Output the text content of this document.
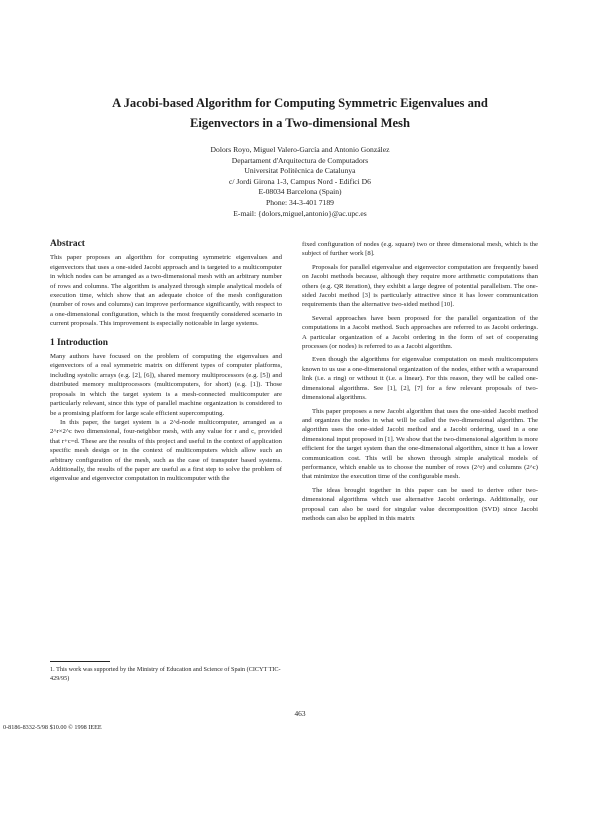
A Jacobi-based Algorithm for Computing Symmetric Eigenvalues and
Eigenvectors in a Two-dimensional Mesh
Dolors Royo, Miguel Valero-García and Antonio González
Departament d'Arquitectura de Computadors
Universitat Politècnica de Catalunya
c/ Jordi Girona 1-3, Campus Nord - Edifici D6
E-08034 Barcelona (Spain)
Phone: 34-3-401 7189
E-mail: {dolors,miguel,antonio}@ac.upc.es

Abstract

This paper proposes an algorithm for computing symmetric eigenvalues and eigenvectors that uses a one-sided Jacobi approach and is targeted to a multicomputer in which nodes can be arranged as a two-dimensional mesh with an arbitrary number of rows and columns. The algorithm is analyzed through simple analytical models of execution time, which show that an adequate choice of the mesh configuration (number of rows and columns) can improve performance significantly, with respect to a one-dimensional configuration, which is the most frequently considered scenario in current proposals. This improvement is especially noticeable in large systems.

1 Introduction

Many authors have focused on the problem of computing the eigenvalues and eigenvectors of a real symmetric matrix on different types of computer platforms, including systolic arrays (e.g. [2], [6]), shared memory multiprocessors (e.g. [5]) and distributed memory multiprocessors (multicomputers, for short) (e.g. [1]). Those proposals in which the target system is a mesh-connected multicomputer are particularly relevant, since this type of parallel machine organization is considered to be a promising platform for large scale efficient supercomputing.

In this paper, the target system is a 2^d-node multicomputer, arranged as a 2^r×2^c two dimensional, four-neighbor mesh, with any value for r and c, provided that r+c=d. These are the results of this project and useful in the context of application specific mesh design or in the context of multicomputers which allow such an arbitrary configuration of the mesh, such as the case of transputer based systems. Additionally, the results of the paper are useful as a first step to solve the problem of eigenvalue and eigenvector computation in multicomputer with the

1. This work was supported by the Ministry of Education and Science of Spain (CICYT TIC-429/95)

fixed configuration of nodes (e.g. square) two or three dimensional mesh, which is the subject of further work [8].

Proposals for parallel eigenvalue and eigenvector computation are frequently based on Jacobi methods because, although they require more arithmetic computations than others (e.g. QR iteration), they exhibit a large degree of potential parallelism. The one-sided Jacobi method [3] is particularly attractive since it has lower communication requirements than the alternative two-sided method [10].

Several approaches have been proposed for the parallel organization of the computations in a Jacobi method. Such approaches are referred to as Jacobi orderings. A particular organization of a Jacobi ordering in the form of set of cooperating processes (or nodes) is referred to as a Jacobi algorithm.

Even though the algorithms for eigenvalue computation on mesh multicomputers known to us use a one-dimensional organization of the nodes, either with a wraparound link (i.e. a ring) or without it (i.e. a linear). For this reason, they will be called one-dimensional algorithms. See [1], [2], [7] for a few relevant proposals of two-dimensional algorithms.

This paper proposes a new Jacobi algorithm that uses the one-sided Jacobi method and organizes the nodes in what will be called the two-dimensional algorithm. The algorithm uses the one-sided Jacobi method and a Jacobi ordering, used in a one dimensional input proposed in [1]. We show that the two-dimensional algorithm is more efficient for the target system than the one-dimensional algorithm, since it has a lower communication cost. This will be shown through simple analytical models of performance, which enable us to choose the number of rows (2^r) and columns (2^c) that minimize the execution time of the configurable mesh.

The ideas brought together in this paper can be used to derive other two-dimensional algorithms which use alternative Jacobi orderings. Additionally, our proposal can also be used for singular value decomposition (SVD) since Jacobi methods can also be applied in this matrix

463
0-8186-8332-5/98 $10.00 © 1998 IEEE
